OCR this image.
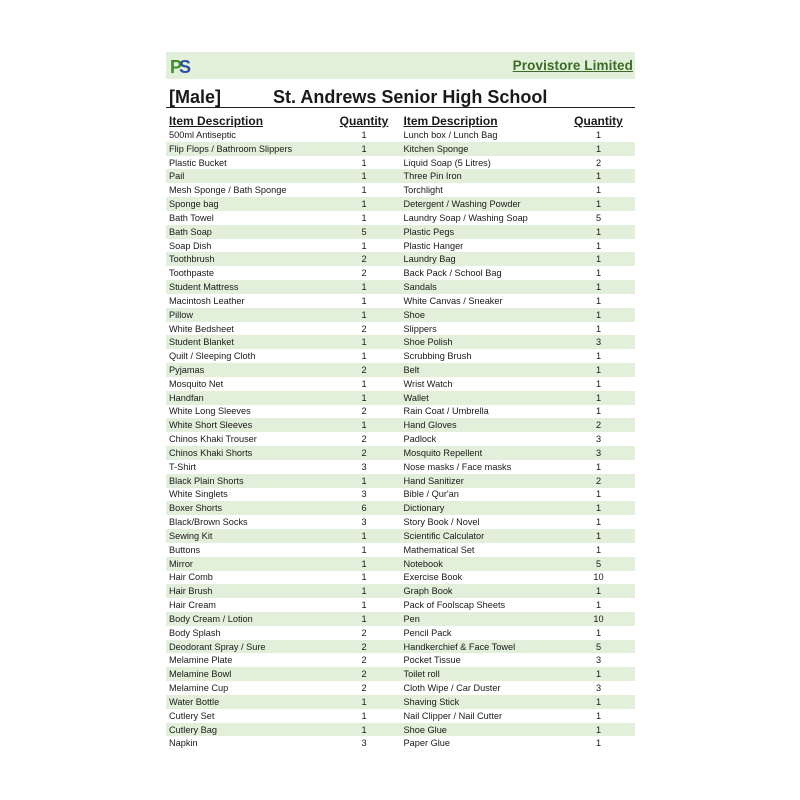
P
S	Provistore Limited
[Male]	St. Andrews Senior High School
Item Description	Quantity
500ml Antiseptic	1
Flip Flops / Bathroom Slippers	1
Plastic Bucket	1
Pail	1
Mesh Sponge / Bath Sponge	1
Sponge bag	1
Bath Towel	1
Bath Soap	5
Soap Dish	1
Toothbrush	2
Toothpaste	2
Student Mattress	1
Macintosh Leather	1
Pillow	1
White Bedsheet	2
Student Blanket	1
Quilt / Sleeping Cloth	1
Pyjamas	2
Mosquito Net	1
Handfan	1
White Long Sleeves	2
White Short Sleeves	1
Chinos Khaki Trouser	2
Chinos Khaki Shorts	2
T-Shirt	3
Black Plain Shorts	1
White Singlets	3
Boxer Shorts	6
Black/Brown Socks	3
Sewing Kit	1
Buttons	1
Mirror	1
Hair Comb	1
Hair Brush	1
Hair Cream	1
Body Cream / Lotion	1
Body Splash	2
Deodorant Spray / Sure	2
Melamine Plate	2
Melamine Bowl	2
Melamine Cup	2
Water Bottle	1
Cutlery Set	1
Cutlery Bag	1
Napkin	3
Item Description	Quantity
Lunch box / Lunch Bag	1
Kitchen Sponge	1
Liquid Soap (5 Litres)	2
Three Pin Iron	1
Torchlight	1
Detergent / Washing Powder	1
Laundry Soap / Washing Soap	5
Plastic Pegs	1
Plastic Hanger	1
Laundry Bag	1
Back Pack / School Bag	1
Sandals	1
White Canvas / Sneaker	1
Shoe	1
Slippers	1
Shoe Polish	3
Scrubbing Brush	1
Belt	1
Wrist Watch	1
Wallet	1
Rain Coat / Umbrella	1
Hand Gloves	2
Padlock	3
Mosquito Repellent	3
Nose masks / Face masks	1
Hand Sanitizer	2
Bible / Qur'an	1
Dictionary	1
Story Book / Novel	1
Scientific Calculator	1
Mathematical Set	1
Notebook	5
Exercise Book	10
Graph Book	1
Pack of Foolscap Sheets	1
Pen	10
Pencil Pack	1
Handkerchief & Face Towel	5
Pocket Tissue	3
Toilet roll	1
Cloth Wipe / Car Duster	3
Shaving Stick	1
Nail Clipper / Nail Cutter	1
Shoe Glue	1
Paper Glue	1
